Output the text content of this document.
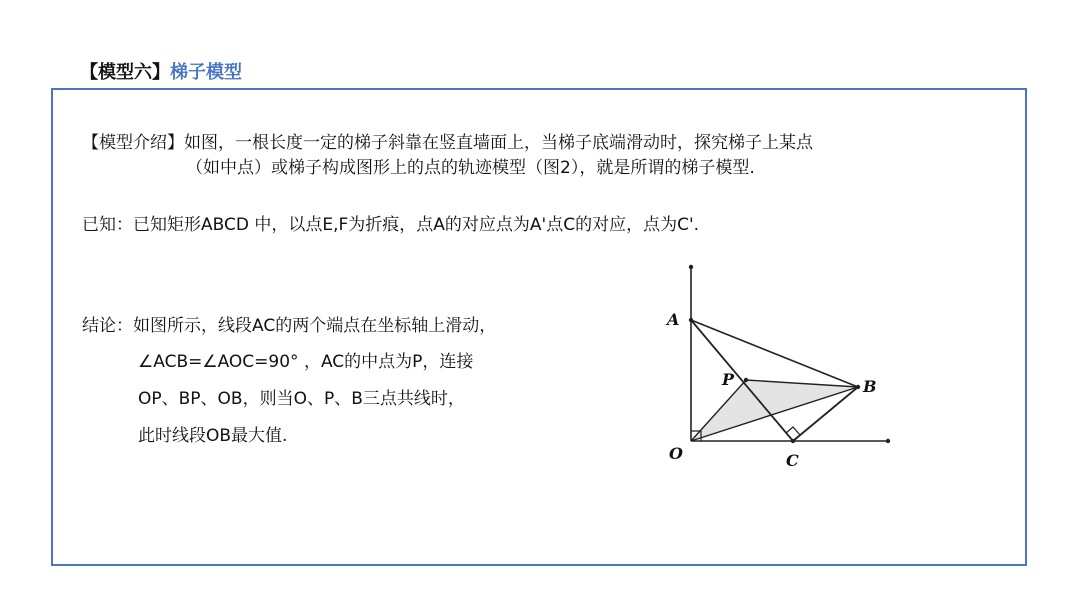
【模型六】梯子模型
【模型介绍】如图，一根长度一定的梯子斜靠在竖直墙面上，当梯子底端滑动时，探究梯子上某点
（如中点）或梯子构成图形上的点的轨迹模型（图2），就是所谓的梯子模型.
已知：已知矩形ABCD 中，以点E,F为折痕，点A的对应点为A'点C的对应，点为C'.
结论：如图所示，线段AC的两个端点在坐标轴上滑动，
∠ACB=∠AOC=90° ，AC的中点为P，连接
OP、BP、OB，则当O、P、B三点共线时，
此时线段OB最大值.
A
P	B
O	C
